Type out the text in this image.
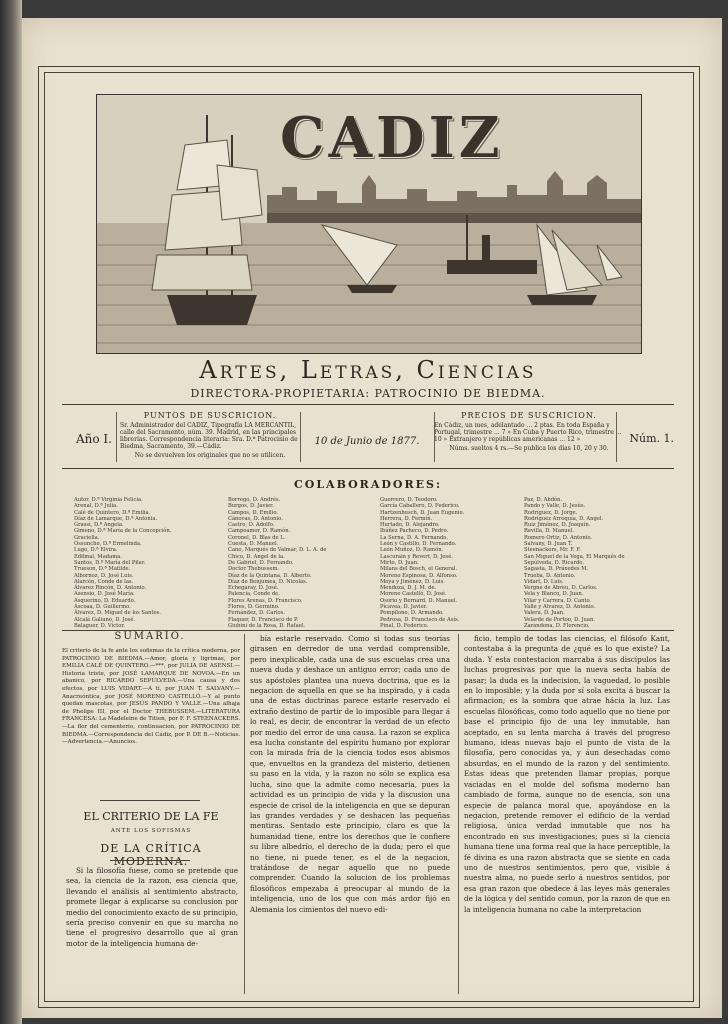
CADIZ
Artes, Letras, Ciencias
DIRECTORA-PROPIETARIA: PATROCINIO DE BIEDMA.
Año I.
PUNTOS DE SUSCRICION.
Sr. Administrador del CADIZ, Tipografía LA MERCANTIL, calle del Sacramento, núm. 39. Madrid, en las principales librerías. Correspondencia literaria: Sra. D.ª Patrocinio de Biedma, Sacramento, 39.—Cádiz.
No se devuelven los originales que no se utilicen.
10 de Junio de 1877.
PRECIOS DE SUSCRICION.
En Cádiz, un mes, adelantado ... 2 ptas. En toda España y Portugal, trimestre ... 7 » En Cuba y Puerto Rico, trimestre ... 10 » Extranjero y repúblicas americanas ... 12 »
Núms. sueltos 4 rs.—Se publica los días 10, 20 y 30.
Núm. 1.
COLABORADORES:
Autor, D.ª Virginia Felicia.
Arenal, D.ª Julia.
Calé de Quintero, D.ª Emilia.
Díaz de Lamarque, D.ª Antonia.
Grassi, D.ª Angela.
Gimeno, D.ª María de la Concepción.
Graciella.
Ossuncho, D.ª Ermelinda.
Lugo, D.ª Elvira.
Edilmal, Madama.
Santos, D.ª María del Pilar.
Trueson, D.ª Matilde.
Albornoz, D. José Luis.
Alarcón, Conde de las.
Álvarez Rincón, D. Antonio.
Asensio, D. José María.
Asquerino, D. Eduardo.
Ascoaa, D. Guillermo.
Álvarez, D. Miguel de los Santos.
Alcalá Galiano, D. José.
Balaguer, D. Víctor.
Borrego, D. Andrés.
Burgos, D. Javier.
Campos, D. Emilio.
Cánovas, D. Antonio.
Castro, D. Adolfo.
Campoamor, D. Ramón.
Coronel, D. Blas de L.
Cuesta, D. Manuel.
Cano, Marqués de Valmar, D. L. A. de
Chico, D. Angel de la.
De Gabriel, D. Fernando.
Doctor Thebussem.
Díaz de la Quintana, D. Alberto.
Díaz de Benjumea, D. Nicolás.
Echegaray, D. José.
Palencia, Conde de.
Flores Arenas, D. Francisco.
Flores, D. Germino.
Fernández, D. Carlos.
Flaquer, D. Francisco de P.
Giubini de la Rosa, D. Rafael.
Guerrero, D. Teodoro.
García Caballero, D. Federico.
Hartzenbusch, D. Juan Eugenio.
Herrera, D. Fermín.
Hurtado, D. Alejandro.
Ibáñez Pacheco, D. Pedro.
La Serna, D. A. Fernando.
León y Castillo, D. Fernando.
León Muñoz, D. Ramón.
Lascurain y Revert, D. José.
Mirto, D. Juan.
Milans del Bosch, el General.
Moreno Espinosa, D. Alfonso.
Moya y Jiménez, D. Luis.
Mendoza, D. J. M. de.
Moreno Castelló, D. José.
Osorio y Bernard, D. Manuel.
Pícavea, D. Javier.
Pompílono, D. Armando.
Pedrosa, D. Francisco de Asís.
Pinal, D. Federico.
Paz, D. Abdón.
Pando y Valle, D. Jesús.
Rodríguez, D. Jorge.
Rodríguez Arroquía, D. Angel.
Ruiz Jiménez, D. Joaquín.
Revilla, D. Manuel.
Romero Ortiz, D. Antonio.
Salvany, D. Juan T.
Steenackers, Mr. F. F.
San Miguel de la Vega, El Marqués de
Sepúlveda, D. Ricardo.
Sagasta, D. Práxedes M.
Trueba, D. Antonio.
Vidart, D. Luis.
Vergne de Abreu, D. Carlos.
Vela y Blanco, D. Juan.
Vilar y Carrera, D. Canto.
Valle y Alvarez, D. Antonio.
Valera, D. Juan.
Velarde de Portoo, D. Juan.
Zarandona, D. Florencio.
SUMARIO.
El criterio de la fe ante los sofismas de la crítica moderna, por PATROCINIO DE BIEDMA.—Amor, gloria y ligrimas, por EMILIA CALÉ DE QUINTERO.—***, por JULIA DE ASENSI.—Historia triste, por JOSÉ LAMARQUE DE NOVOA.—En un abanico, por RICARDO SEPÚLVEDA.—Una causa y dos efectos, por LUIS VIDART.—A ti, por JUAN T. SALVANY.—Anacreóntica, por JOSÉ MORENO CASTELLÓ.—Y al punto quedan mascotas, por JESÚS PANDO Y VALLE.—Una alhaja de Phelipe III, por el Doctor THEBUSSEM.—LITERATURA FRANCESA: La Madeleine de Titien, por F. F. STEENACKERS.—La flor del cementerio, continuacion, por PATROCINIO DE BIEDMA.—Correspondencia del Cádiz, por P. DE B.—Noticias.—Advertencia.—Anuncios.
EL CRITERIO DE LA FE
ANTE LOS SOFISMAS
DE LA CRÍTICA MODERNA.

Si la filosofía fuese, como se pretende que sea, la ciencia de la razon, esa ciencia que, llevando el análisis al sentimiento abstracto, promete llegar á explicarse su conclusion por medio del conocimiento exacto de su principio, sería preciso convenir en que su marcha no tiene el progresivo desarrollo que al gran motor de la inteligencia humana de-

bía estarle reservado. Como si todas sus teorías girasen en derredor de una verdad comprensible, pero inexplicable, cada una de sus escuelas crea una nueva duda y deshace un antiguo error; cada uno de sus apóstoles planteа una nueva doctrina, que es la negacion de aquella en que se ha inspirado, y á cada una de estas doctrinas parece estarle reservado el extraño destino de partir de lo imposible para llegar á lo real, es decir, de encontrar la verdad de un efecto por medio del error de una causa. La razon se explica esa lucha constante del espíritu humano por explorar con la mirada fría de la ciencia todos esos abismos que, envueltos en la grandeza del misterio, detienen su paso en la vida, y la razon no sólo se explica esa lucha, sino que la admite como necesaria, pues la actividad es un principio de vida y la discusion una especie de crisol de la inteligencia en que se depuran las grandes verdades y se deshacen las pequeñas mentiras. Sentado este principio, claro es que la humanidad tiene, entre los derechos que le confiere su libre albedrío, el derecho de la duda; pero el que no tiene, ni puede tener, es el de la negacion, tratándose de negar aquello que no puede comprender. Cuando la solucion de los problemas filosóficos empezaba á preocupar al mundo de la inteligencia, uno de los que con más ardor fijó en Alemania los cimientos del nuevo edi-

ficio, templo de todas las ciencias, el filósofo Kant, contestaba á la pregunta de ¿qué es lo que existe? La duda. Y esta contestacion marcaba á sus discípulos las luchas progresivas por que la nueva secta había de pasar; la duda es la indecision, la vaguedad, lo posible en lo imposible; y la duda por sí sola excita á buscar la afirmacion; es la sombra que atrae hácia la luz. Las escuelas filosóficas, como todo aquello que no tiene por base el principio fijo de una ley inmutable, han aceptado, en su lenta marcha á través del progreso humano, ideas nuevas bajo el punto de vista de la filosofía, pero conocidas ya, y áun desechadas como absurdas, en el mundo de la razon y del sentimiento. Estas ideas que pretenden llamar propias, porque vaciadas en el molde del sofisma moderno han cambiado de forma, aunque no de esencia, son una especie de palanca moral que, apoyándose en la negacion, pretende remover el edificio de la verdad religiosa, única verdad inmutable que nos ha encontrado en sus investigaciones; pues si la ciencia humana tiene una forma real que la hace perceptible, la fé divina es una razon abstracta que se siente en cada uno de nuestros sentimientos, pero que, visible á nuestra alma, no puede serlo á nuestros sentidos, por esa gran razon que obedece á las leyes más generales de la lógica y del sentido comun, por la razon de que en la inteligencia humana no cabe la interpretacion
